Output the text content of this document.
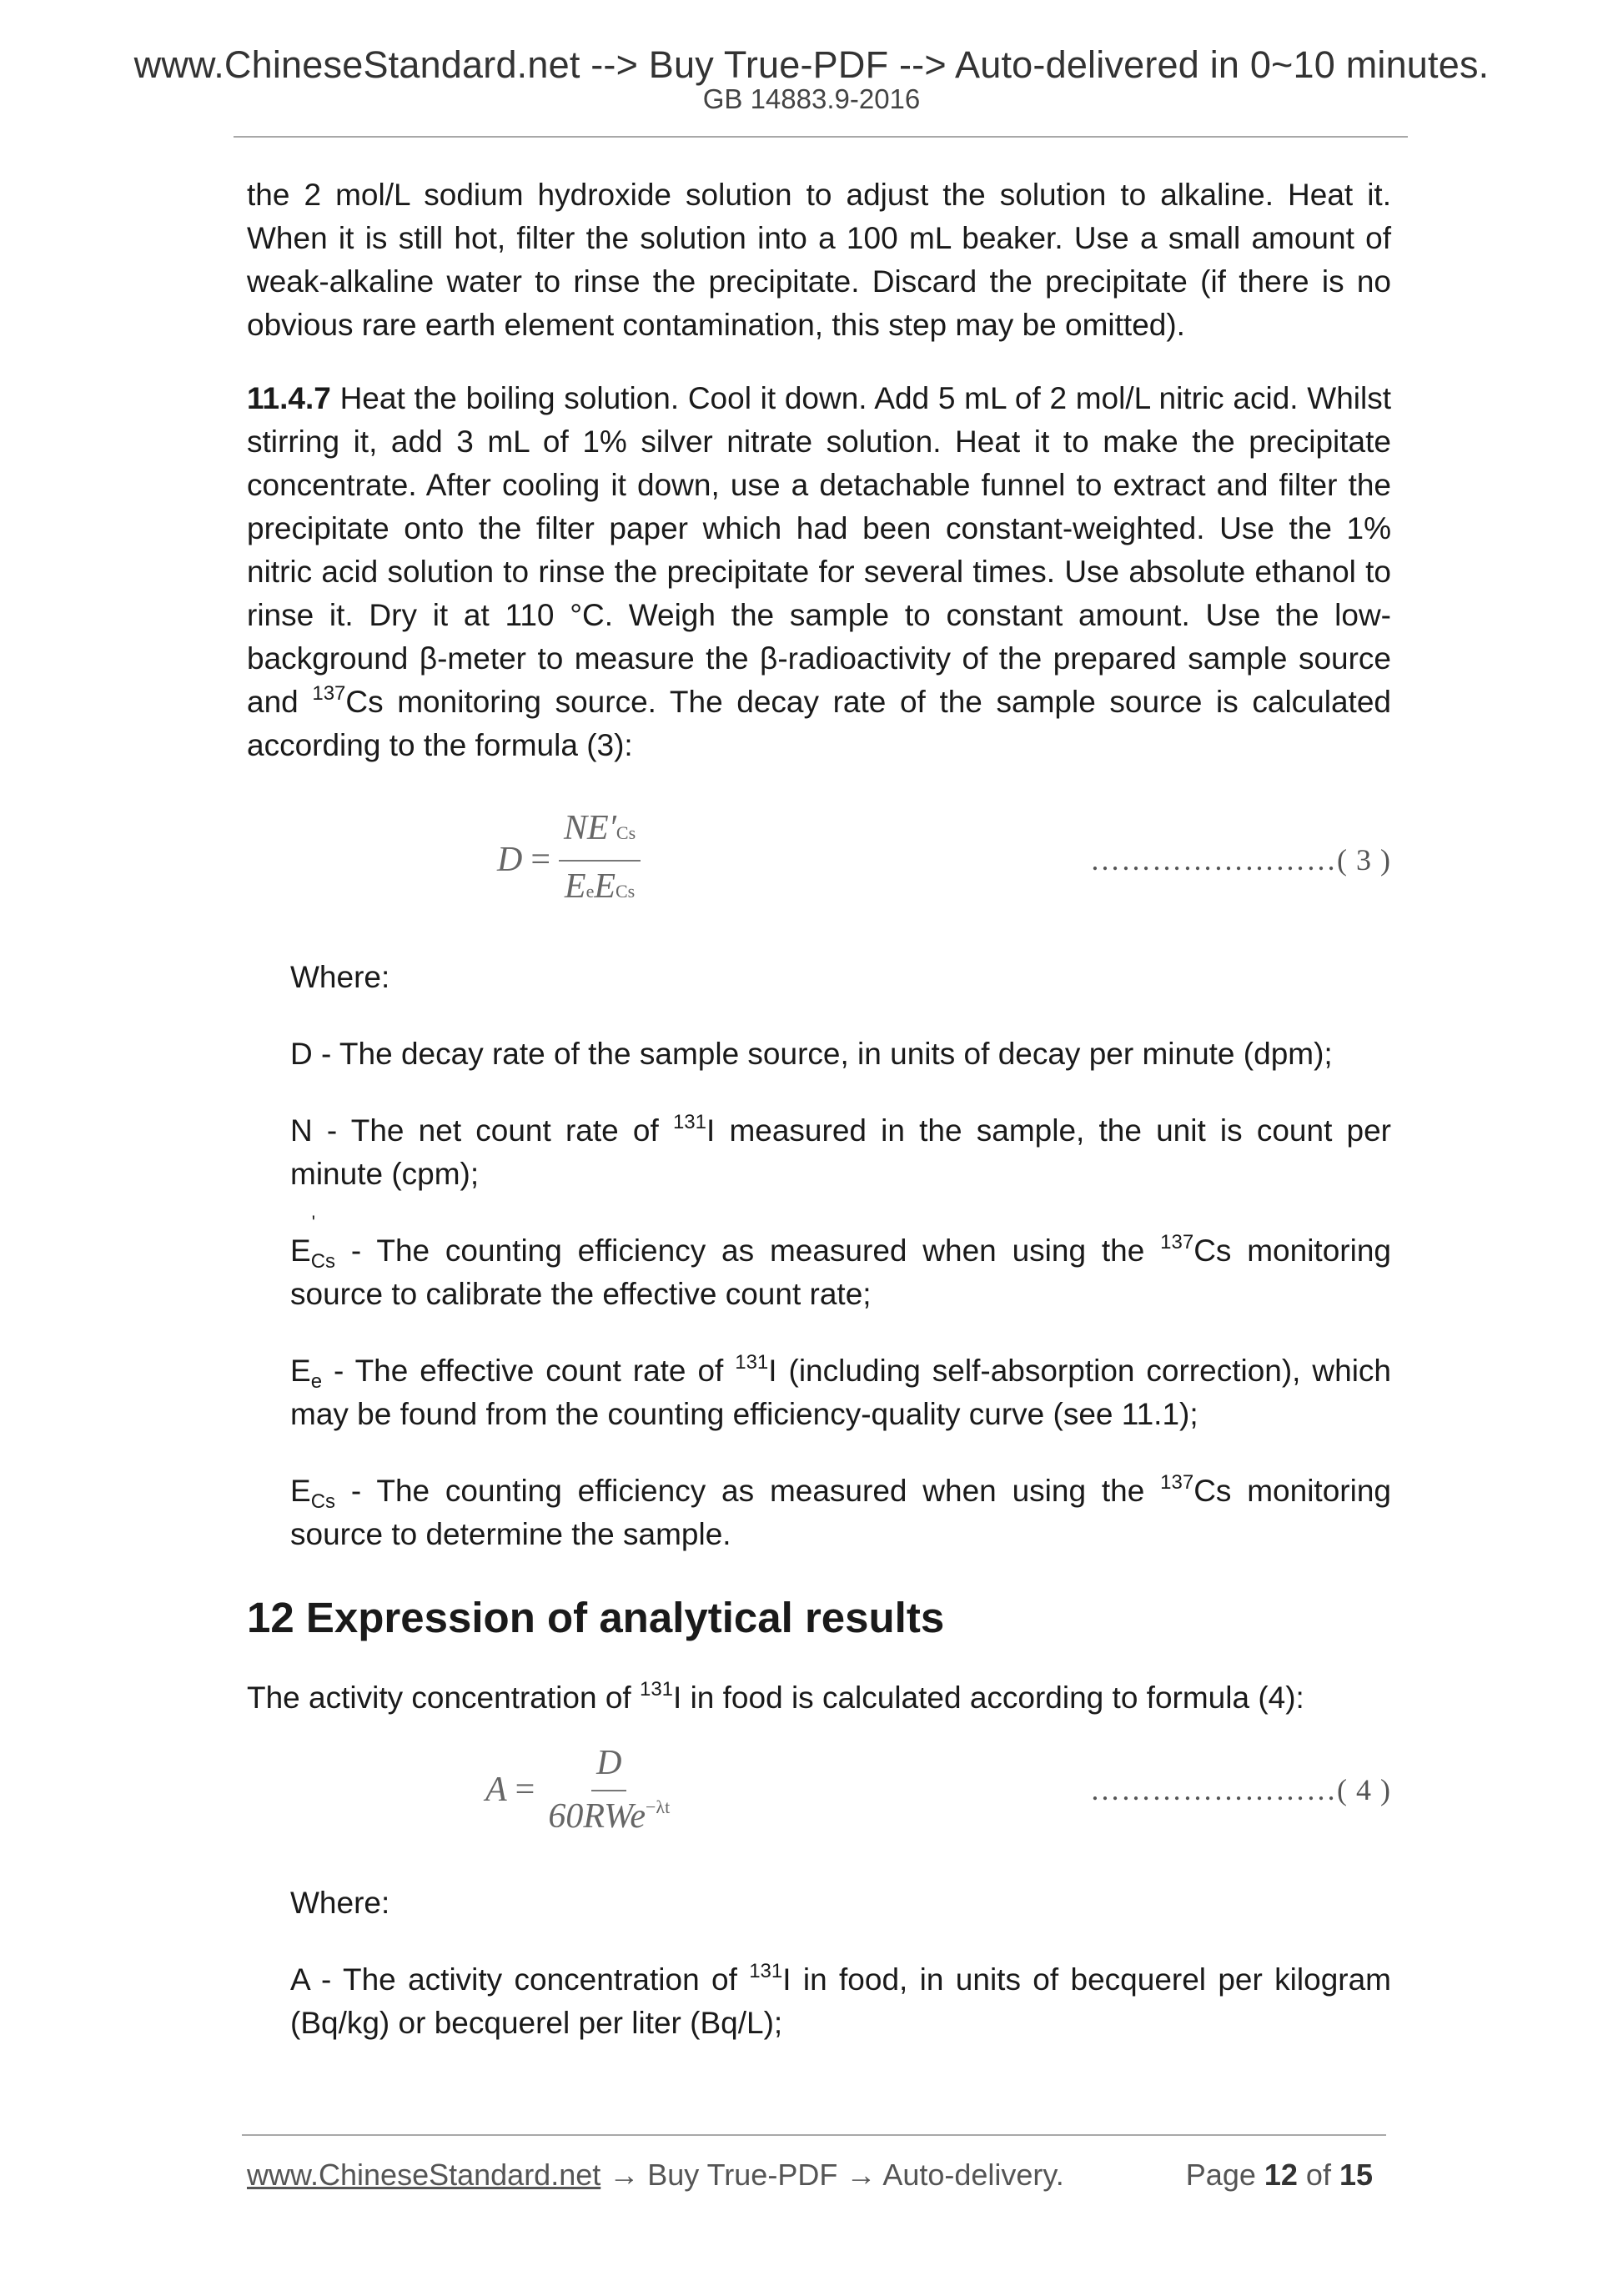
www.ChineseStandard.net --> Buy True-PDF --> Auto-delivered in 0~10 minutes.
GB 14883.9-2016

the 2 mol/L sodium hydroxide solution to adjust the solution to alkaline. Heat it. When it is still hot, filter the solution into a 100 mL beaker. Use a small amount of weak-alkaline water to rinse the precipitate. Discard the precipitate (if there is no obvious rare earth element contamination, this step may be omitted).

11.4.7 Heat the boiling solution. Cool it down. Add 5 mL of 2 mol/L nitric acid. Whilst stirring it, add 3 mL of 1% silver nitrate solution. Heat it to make the precipitate concentrate. After cooling it down, use a detachable funnel to extract and filter the precipitate onto the filter paper which had been constant-weighted. Use the 1% nitric acid solution to rinse the precipitate for several times. Use absolute ethanol to rinse it. Dry it at 110 °C. Weigh the sample to constant amount. Use the low-background β-meter to measure the β-radioactivity of the prepared sample source and $^{137}$Cs monitoring source. The decay rate of the sample source is calculated according to the formula (3):

$D = \frac{NE'Cs}{\text{EeECs}}$	……………………( 3 )

Where:

D - The decay rate of the sample source, in units of decay per minute (dpm);

N - The net count rate of $^{131}$I measured in the sample, the unit is count per minute (cpm);

E
'
$_{Cs}$ - The counting efficiency as measured when using the $^{137}$Cs monitoring source to calibrate the effective count rate;

$E_e$ - The effective count rate of $^{131}$I (including self-absorption correction), which may be found from the counting efficiency-quality curve (see 11.1);

$E_{Cs}$ - The counting efficiency as measured when using the $^{137}$Cs monitoring source to determine the sample.

12 Expression of analytical results

The activity concentration of $^{131}$I in food is calculated according to formula (4):

$A = \frac{D}{60RWe^{-\lambda t}}$	……………………( 4 )

Where:

A - The activity concentration of $^{131}$I in food, in units of becquerel per kilogram (Bq/kg) or becquerel per liter (Bq/L);

www.ChineseStandard.net → Buy True-PDF → Auto-delivery.	Page 12 of 15
